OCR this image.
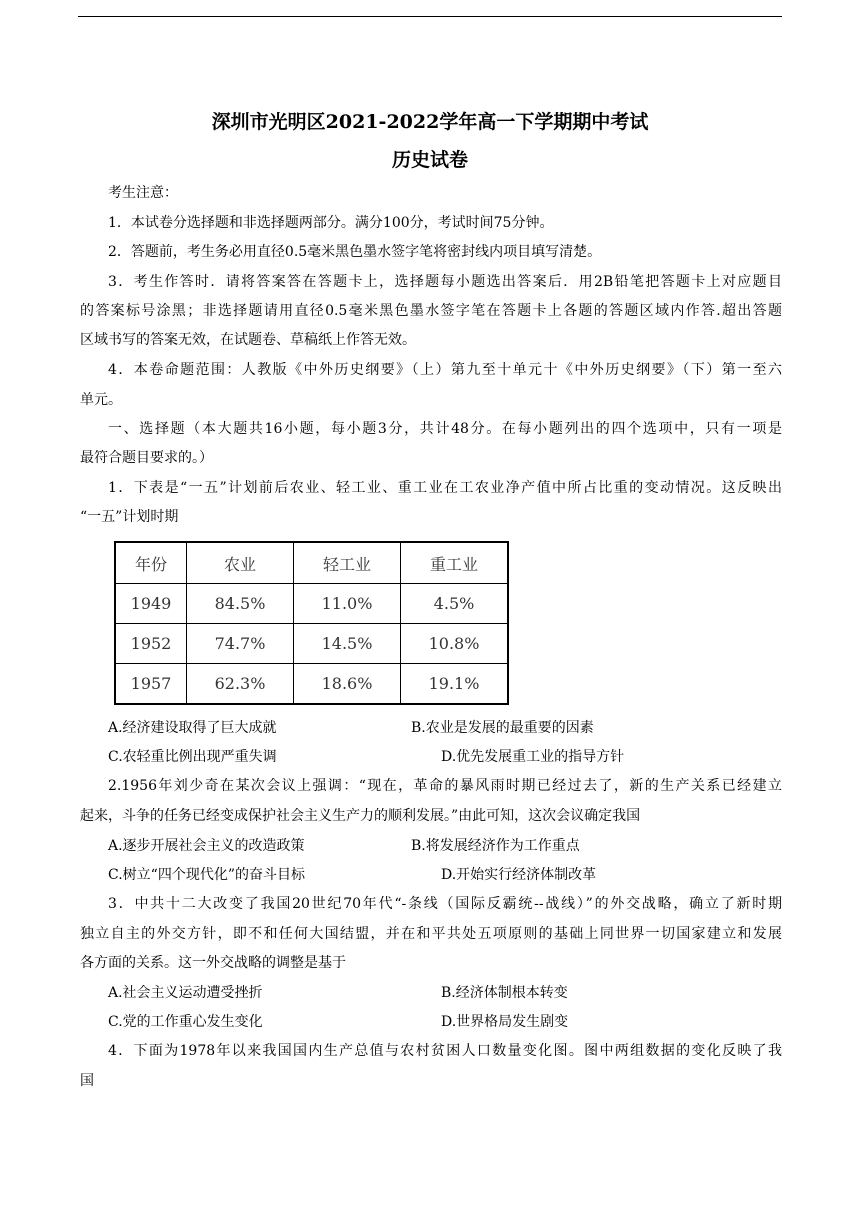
深圳市光明区2021-2022学年高一下学期期中考试
历史试卷
考生注意：
1．本试卷分选择题和非选择题两部分。满分100分，考试时间75分钟。
2．答题前，考生务必用直径0.5毫米黑色墨水签字笔将密封线内项目填写清楚。
3．考生作答时．请将答案答在答题卡上，选择题每小题选出答案后．用2B铅笔把答题卡上对应题目
的答案标号涂黑；非选择题请用直径0.5毫米黑色墨水签字笔在答题卡上各题的答题区域内作答.超出答题
区域书写的答案无效，在试题卷、草稿纸上作答无效。
4．本卷命题范围：人教版《中外历史纲要》（上）第九至十单元十《中外历史纲要》（下）第一至六
单元。
一、选择题（本大题共16小题，每小题3分，共计48分。在每小题列出的四个选项中，只有一项是
最符合题目要求的。）
1．下表是“一五”计划前后农业、轻工业、重工业在工农业净产值中所占比重的变动情况。这反映出
“一五”计划时期
年份	农业	轻工业	重工业
1949	84.5%	11.0%	4.5%
1952	74.7%	14.5%	10.8%
1957	62.3%	18.6%	19.1%
A.经济建设取得了巨大成就	B.农业是发展的最重要的因素
C.农轻重比例出现严重失调	D.优先发展重工业的指导方针
2.1956年刘少奇在某次会议上强调：“现在，革命的暴风雨时期已经过去了，新的生产关系已经建立
起来，斗争的任务已经变成保护社会主义生产力的顺利发展。”由此可知，这次会议确定我国
A.逐步开展社会主义的改造政策	B.将发展经济作为工作重点
C.树立“四个现代化”的奋斗目标	D.开始实行经济体制改革
3．中共十二大改变了我国20世纪70年代“-条线（国际反霸统--战线）”的外交战略，确立了新时期
独立自主的外交方针，即不和任何大国结盟，并在和平共处五项原则的基础上同世界一切国家建立和发展
各方面的关系。这一外交战略的调整是基于
A.社会主义运动遭受挫折	B.经济体制根本转变
C.党的工作重心发生变化	D.世界格局发生剧变
4．下面为1978年以来我国国内生产总值与农村贫困人口数量变化图。图中两组数据的变化反映了我
国
